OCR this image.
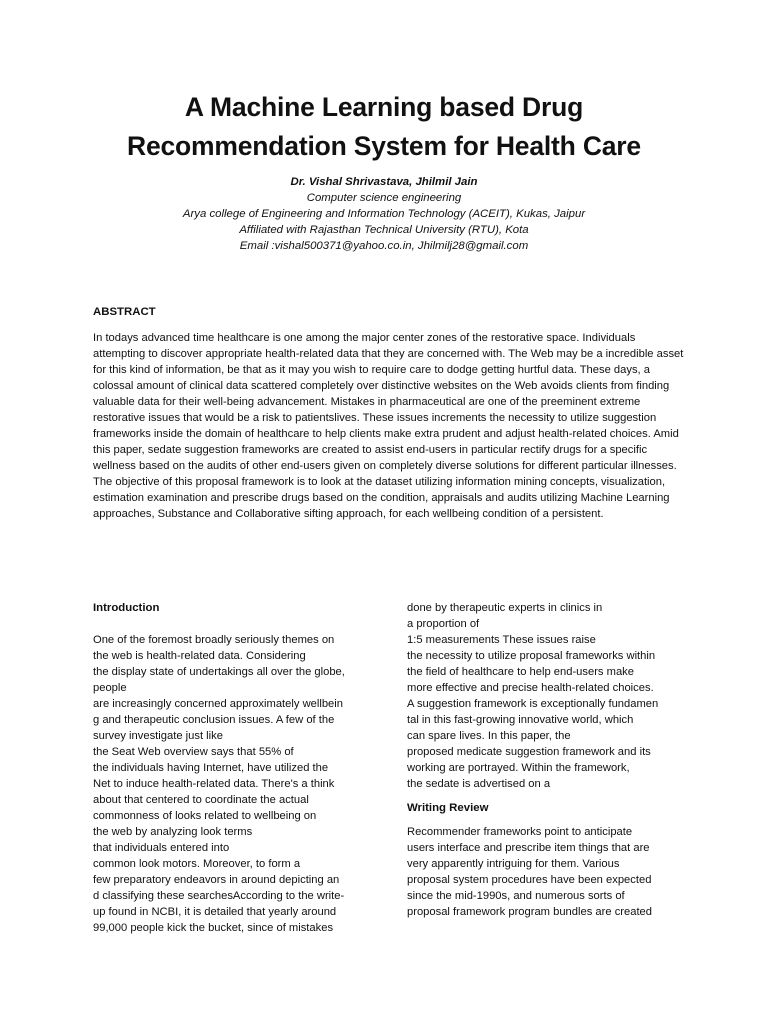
A Machine Learning based Drug
Recommendation System for Health Care
Dr. Vishal Shrivastava, Jhilmil Jain
Computer science engineering
Arya college of Engineering and Information Technology (ACEIT), Kukas, Jaipur
Affiliated with Rajasthan Technical University (RTU), Kota
Email :vishal500371@yahoo.co.in, Jhilmilj28@gmail.com
ABSTRACT

In todays advanced time healthcare is one among the major center zones of the restorative space. Individuals attempting to discover appropriate health-related data that they are concerned with. The Web may be a incredible asset for this kind of information, be that as it may you wish to require care to dodge getting hurtful data. These days, a colossal amount of clinical data scattered completely over distinctive websites on the Web avoids clients from finding valuable data for their well-being advancement. Mistakes in pharmaceutical are one of the preeminent extreme restorative issues that would be a risk to patientslives. These issues increments the necessity to utilize suggestion frameworks inside the domain of healthcare to help clients make extra prudent and adjust health-related choices. Amid this paper, sedate suggestion frameworks are created to assist end-users in particular rectify drugs for a specific wellness based on the audits of other end-users given on completely diverse solutions for different particular illnesses. The objective of this proposal framework is to look at the dataset utilizing information mining concepts, visualization, estimation examination and prescribe drugs based on the condition, appraisals and audits utilizing Machine Learning approaches, Substance and Collaborative sifting approach, for each wellbeing condition of a persistent.

Introduction
One of the foremost broadly seriously themes on
the web is health-related data. Considering
the display state of undertakings all over the globe,
people
are increasingly concerned approximately wellbein
g and therapeutic conclusion issues. A few of the
survey investigate just like
the Seat Web overview says that 55% of
the individuals having Internet, have utilized the
Net to induce health-related data. There's a think
about that centered to coordinate the actual
commonness of looks related to wellbeing on
the web by analyzing look terms
that individuals entered into
common look motors. Moreover, to form a
few preparatory endeavors in around depicting an
d classifying these searchesAccording to the write-
up found in NCBI, it is detailed that yearly around
99,000 people kick the bucket, since of mistakes
done by therapeutic experts in clinics in
a proportion of
1:5 measurements These issues raise
the necessity to utilize proposal frameworks within
the field of healthcare to help end-users make
more effective and precise health-related choices.
A suggestion framework is exceptionally fundamen
tal in this fast-growing innovative world, which
can spare lives. In this paper, the
proposed medicate suggestion framework and its
working are portrayed. Within the framework,
the sedate is advertised on a
Writing Review
Recommender frameworks point to anticipate
users interface and prescribe item things that are
very apparently intriguing for them. Various
proposal system procedures have been expected
since the mid-1990s, and numerous sorts of
proposal framework program bundles are created
